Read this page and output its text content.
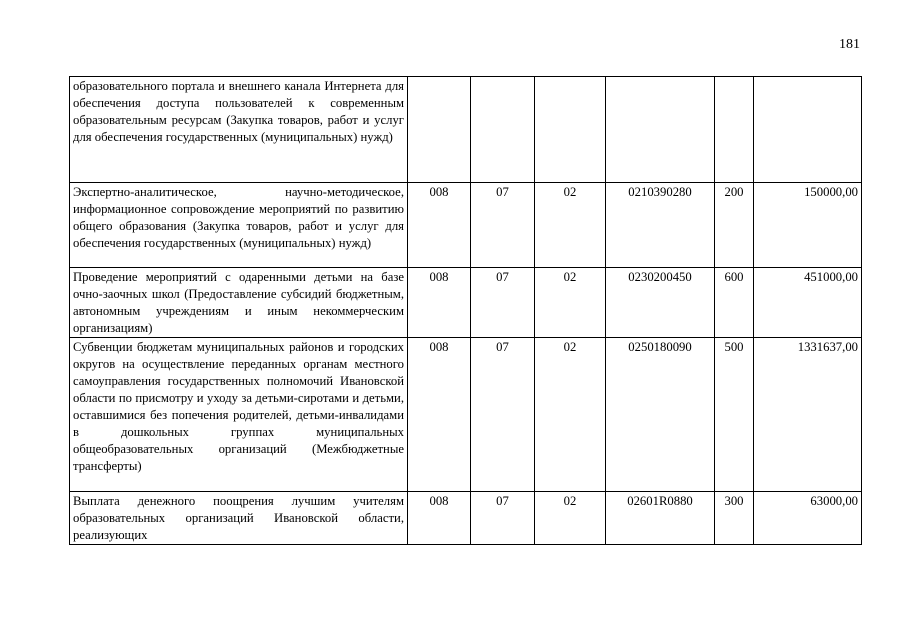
181
образовательного портала и внешнего канала Интернета для обеспечения доступа пользователей к современным образовательным ресурсам (Закупка товаров, работ и услуг для обеспечения государственных (муниципальных) нужд)						
Экспертно-аналитическое, научно-методическое, информационное сопровождение мероприятий по развитию общего образования (Закупка товаров, работ и услуг для обеспечения государственных (муниципальных) нужд)	008	07	02	0210390280	200	150000,00
Проведение мероприятий с одаренными детьми на базе очно-заочных школ (Предоставление субсидий бюджетным, автономным учреждениям и иным некоммерческим организациям)	008	07	02	0230200450	600	451000,00
Субвенции бюджетам муниципальных районов и городских округов на осуществление переданных органам местного самоуправления государственных полномочий Ивановской области по присмотру и уходу за детьми-сиротами и детьми, оставшимися без попечения родителей, детьми-инвалидами в дошкольных группах муниципальных общеобразовательных организаций (Межбюджетные трансферты)	008	07	02	0250180090	500	1331637,00
Выплата денежного поощрения лучшим учителям образовательных организаций Ивановской области, реализующих	008	07	02	02601R0880	300	63000,00
